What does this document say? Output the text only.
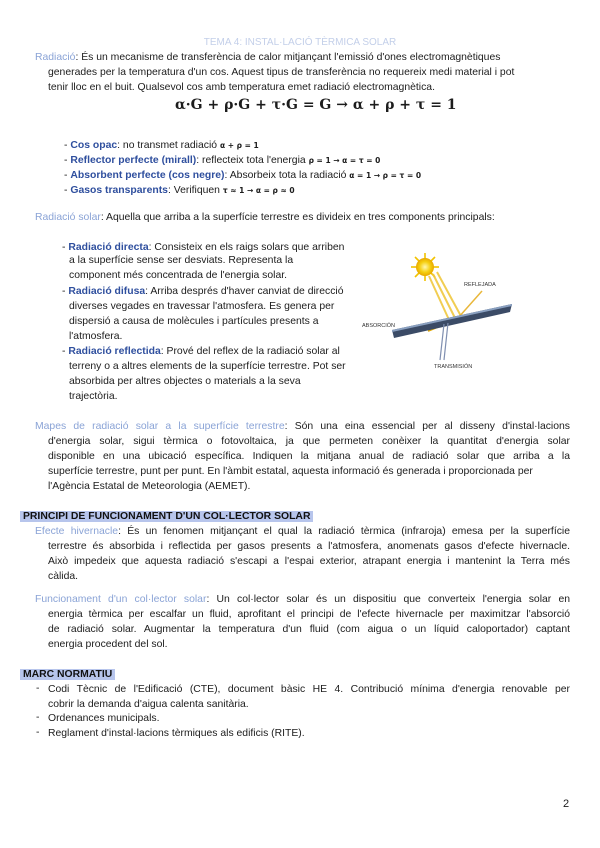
TEMA 4: INSTAL·LACIÓ TÈRMICA SOLAR
Radiació: És un mecanisme de transferència de calor mitjançant l'emissió d'ones electromagnètiques
generades per la temperatura d'un cos. Aquest tipus de transferència no requereix medi material i pot
tenir lloc en el buit. Qualsevol cos amb temperatura emet radiació electromagnètica.
α·G + ρ·G + τ·G = G → α + ρ + τ = 1
- Cos opac: no transmet radiació α + ρ = 1
- Reflector perfecte (mirall): reflecteix tota l'energia ρ = 1 → α = τ = 0
- Absorbent perfecte (cos negre): Absorbeix tota la radiació α = 1 → ρ = τ = 0
- Gasos transparents: Verifiquen τ ≈ 1 → α = ρ ≈ 0
Radiació solar: Aquella que arriba a la superfície terrestre es divideix en tres components principals:
- Radiació directa: Consisteix en els raigs solars que arriben
a la superfície sense ser desviats. Representa la
component més concentrada de l'energia solar.
- Radiació difusa: Arriba després d'haver canviat de direcció
diverses vegades en travessar l'atmosfera. Es genera per
dispersió a causa de molècules i partícules presents a
l'atmosfera.
- Radiació reflectida: Prové del reflex de la radiació solar al
terreny o a altres elements de la superfície terrestre. Pot ser
absorbida per altres objectes o materials a la seva
trajectòria.
REFLEJADA
ABSORCIÓN
TRANSMISIÓN
Mapes de radiació solar a la superfície terrestre: Són una eina essencial per al disseny d'instal·lacions
d'energia solar, sigui tèrmica o fotovoltaica, ja que permeten conèixer la quantitat d'energia solar
disponible en una ubicació específica. Indiquen la mitjana anual de radiació solar que arriba a la
superfície terrestre, punt per punt. En l'àmbit estatal, aquesta informació és generada i proporcionada per
l'Agència Estatal de Meteorologia (AEMET).
PRINCIPI DE FUNCIONAMENT D'UN COL·LECTOR SOLAR
Efecte hivernacle: És un fenomen mitjançant el qual la radiació tèrmica (infraroja) emesa per la superfície
terrestre és absorbida i reflectida per gasos presents a l'atmosfera, anomenats gasos d'efecte hivernacle.
Això impedeix que aquesta radiació s'escapi a l'espai exterior, atrapant energia i mantenint la Terra més
càlida.
Funcionament d'un col·lector solar: Un col·lector solar és un dispositiu que converteix l'energia solar en
energia tèrmica per escalfar un fluid, aprofitant el principi de l'efecte hivernacle per maximitzar l'absorció
de radiació solar. Augmentar la temperatura d'un fluid (com aigua o un líquid caloportador) captant
energia procedent del sol.
MARC NORMATIU
- Codi Tècnic de l'Edificació (CTE), document bàsic HE 4. Contribució mínima d'energia renovable per
cobrir la demanda d'aigua calenta sanitària.
- Ordenances municipals.
- Reglament d'instal·lacions tèrmiques als edificis (RITE).
2
